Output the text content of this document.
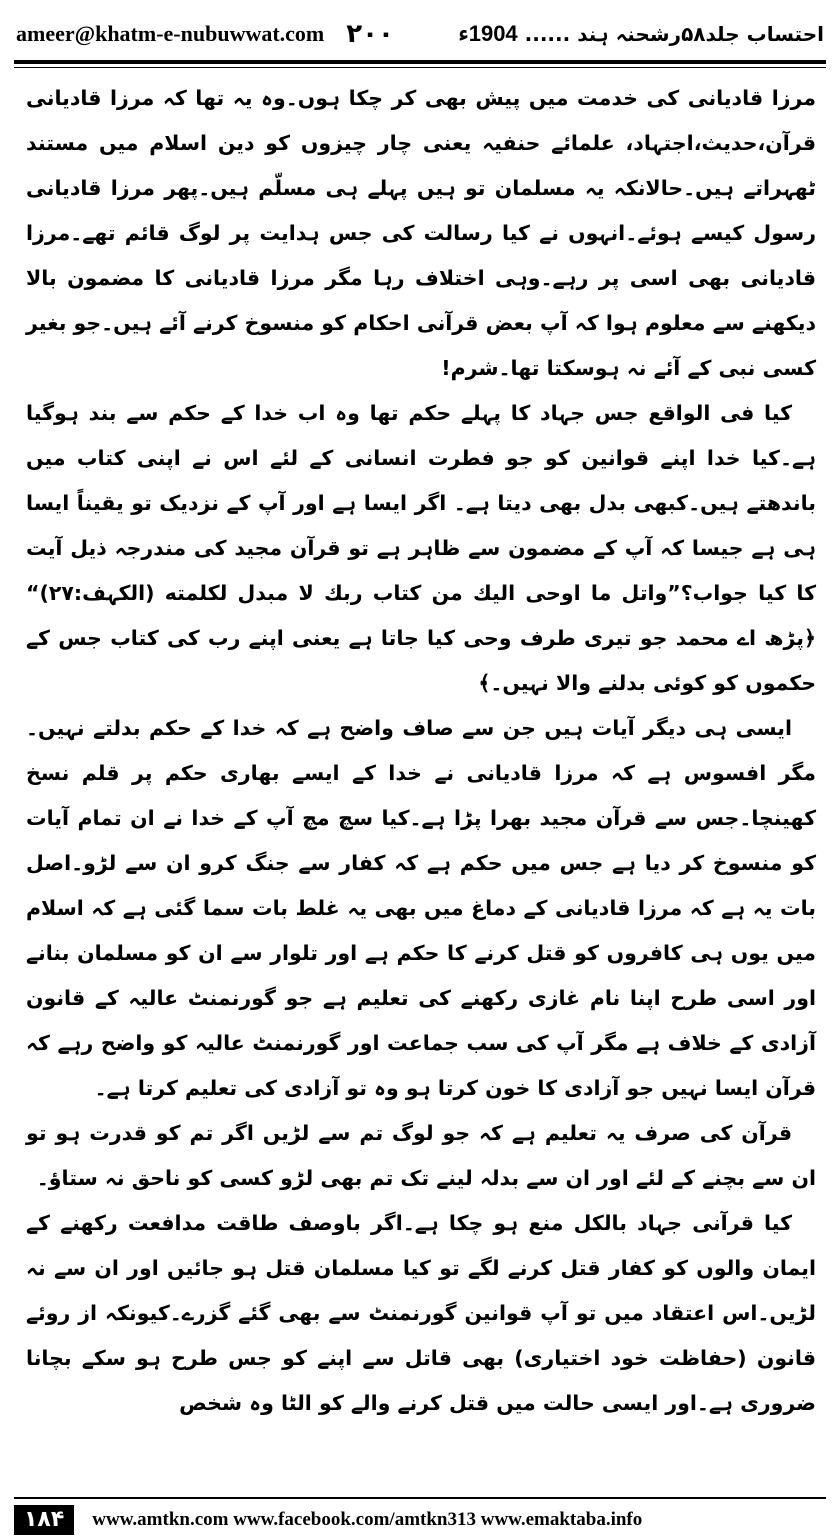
ameer@khatm-e-nubuwwat.com ۲۰۰	احتساب جلد۵۸رشحنہ ہند ...... 1904ء

مرزا قادیانی کی خدمت میں پیش بھی کر چکا ہوں۔وہ یہ تھا کہ مرزا قادیانی قرآن،حدیث،اجتہاد، علمائے حنفیہ یعنی چار چیزوں کو دین اسلام میں مستند ٹھہراتے ہیں۔حالانکہ یہ مسلمان تو ہیں پہلے ہی مسلّم ہیں۔پھر مرزا قادیانی رسول کیسے ہوئے۔انہوں نے کیا رسالت کی جس ہدایت پر لوگ قائم تھے۔مرزا قادیانی بھی اسی پر رہے۔وہی اختلاف رہا مگر مرزا قادیانی کا مضمون بالا دیکھنے سے معلوم ہوا کہ آپ بعض قرآنی احکام کو منسوخ کرنے آئے ہیں۔جو بغیر کسی نبی کے آئے نہ ہوسکتا تھا۔شرم!

کیا فی الواقع جس جہاد کا پہلے حکم تھا وہ اب خدا کے حکم سے بند ہوگیا ہے۔کیا خدا اپنے قوانین کو جو فطرت انسانی کے لئے اس نے اپنی کتاب میں باندھتے ہیں۔کبھی بدل بھی دیتا ہے۔ اگر ایسا ہے اور آپ کے نزدیک تو یقیناً ایسا ہی ہے جیسا کہ آپ کے مضمون سے ظاہر ہے تو قرآن مجید کی مندرجہ ذیل آیت کا کیا جواب؟”واتل ما اوحی الیك من کتاب ربك لا مبدل لکلمته (الکہف:۲۷)“ ﴿پڑھ اے محمد جو تیری طرف وحی کیا جاتا ہے یعنی اپنے رب کی کتاب جس کے حکموں کو کوئی بدلنے والا نہیں۔﴾

ایسی ہی دیگر آیات ہیں جن سے صاف واضح ہے کہ خدا کے حکم بدلتے نہیں۔مگر افسوس ہے کہ مرزا قادیانی نے خدا کے ایسے بھاری حکم پر قلم نسخ کھینچا۔جس سے قرآن مجید بھرا پڑا ہے۔کیا سچ مچ آپ کے خدا نے ان تمام آیات کو منسوخ کر دیا ہے جس میں حکم ہے کہ کفار سے جنگ کرو ان سے لڑو۔اصل بات یہ ہے کہ مرزا قادیانی کے دماغ میں بھی یہ غلط بات سما گئی ہے کہ اسلام میں یوں ہی کافروں کو قتل کرنے کا حکم ہے اور تلوار سے ان کو مسلمان بنانے اور اسی طرح اپنا نام غازی رکھنے کی تعلیم ہے جو گورنمنٹ عالیہ کے قانون آزادی کے خلاف ہے مگر آپ کی سب جماعت اور گورنمنٹ عالیہ کو واضح رہے کہ قرآن ایسا نہیں جو آزادی کا خون کرتا ہو وہ تو آزادی کی تعلیم کرتا ہے۔

قرآن کی صرف یہ تعلیم ہے کہ جو لوگ تم سے لڑیں اگر تم کو قدرت ہو تو ان سے بچنے کے لئے اور ان سے بدلہ لینے تک تم بھی لڑو کسی کو ناحق نہ ستاؤ۔

کیا قرآنی جہاد بالکل منع ہو چکا ہے۔اگر باوصف طاقت مدافعت رکھنے کے ایمان والوں کو کفار قتل کرنے لگے تو کیا مسلمان قتل ہو جائیں اور ان سے نہ لڑیں۔اس اعتقاد میں تو آپ قوانین گورنمنٹ سے بھی گئے گزرے۔کیونکہ از روئے قانون (حفاظت خود اختیاری) بھی قاتل سے اپنے کو جس طرح ہو سکے بچانا ضروری ہے۔اور ایسی حالت میں قتل کرنے والے کو الٹا وہ شخص

۱۸۴	www.amtkn.com www.facebook.com/amtkn313 www.emaktaba.info
